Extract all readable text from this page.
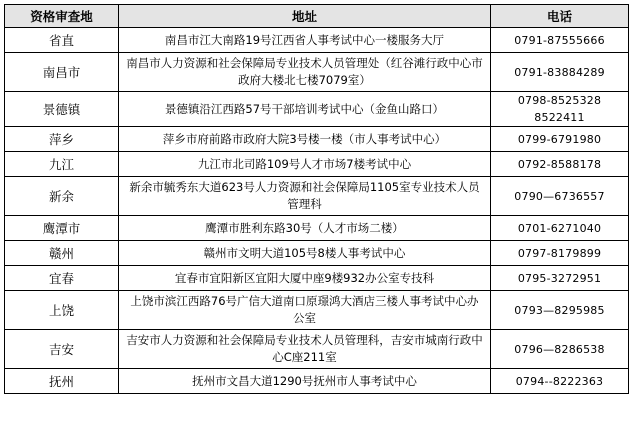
资格审查地	地址	电话
省直	南昌市江大南路19号江西省人事考试中心一楼服务大厅	0791-87555666
南昌市	南昌市人力资源和社会保障局专业技术人员管理处（红谷滩行政中心市政府大楼北七楼7079室）	0791-83884289
景德镇	景德镇沿江西路57号干部培训考试中心（金鱼山路口）	0798-8525328 8522411
萍乡	萍乡市府前路市政府大院3号楼一楼（市人事考试中心）	0799-6791980
九江	九江市北司路109号人才市场7楼考试中心	0792-8588178
新余	新余市毓秀东大道623号人力资源和社会保障局1105室专业技术人员管理科	0790—6736557
鹰潭市	鹰潭市胜利东路30号（人才市场二楼）	0701-6271040
赣州	赣州市文明大道105号8楼人事考试中心	0797-8179899
宜春	宜春市宜阳新区宜阳大厦中座9楼932办公室专技科	0795-3272951
上饶	上饶市滨江西路76号广信大道南口原璟鸿大酒店三楼人事考试中心办公室	0793—8295985
吉安	吉安市人力资源和社会保障局专业技术人员管理科，吉安市城南行政中心C座211室	0796—8286538
抚州	抚州市文昌大道1290号抚州市人事考试中心	0794--8222363
